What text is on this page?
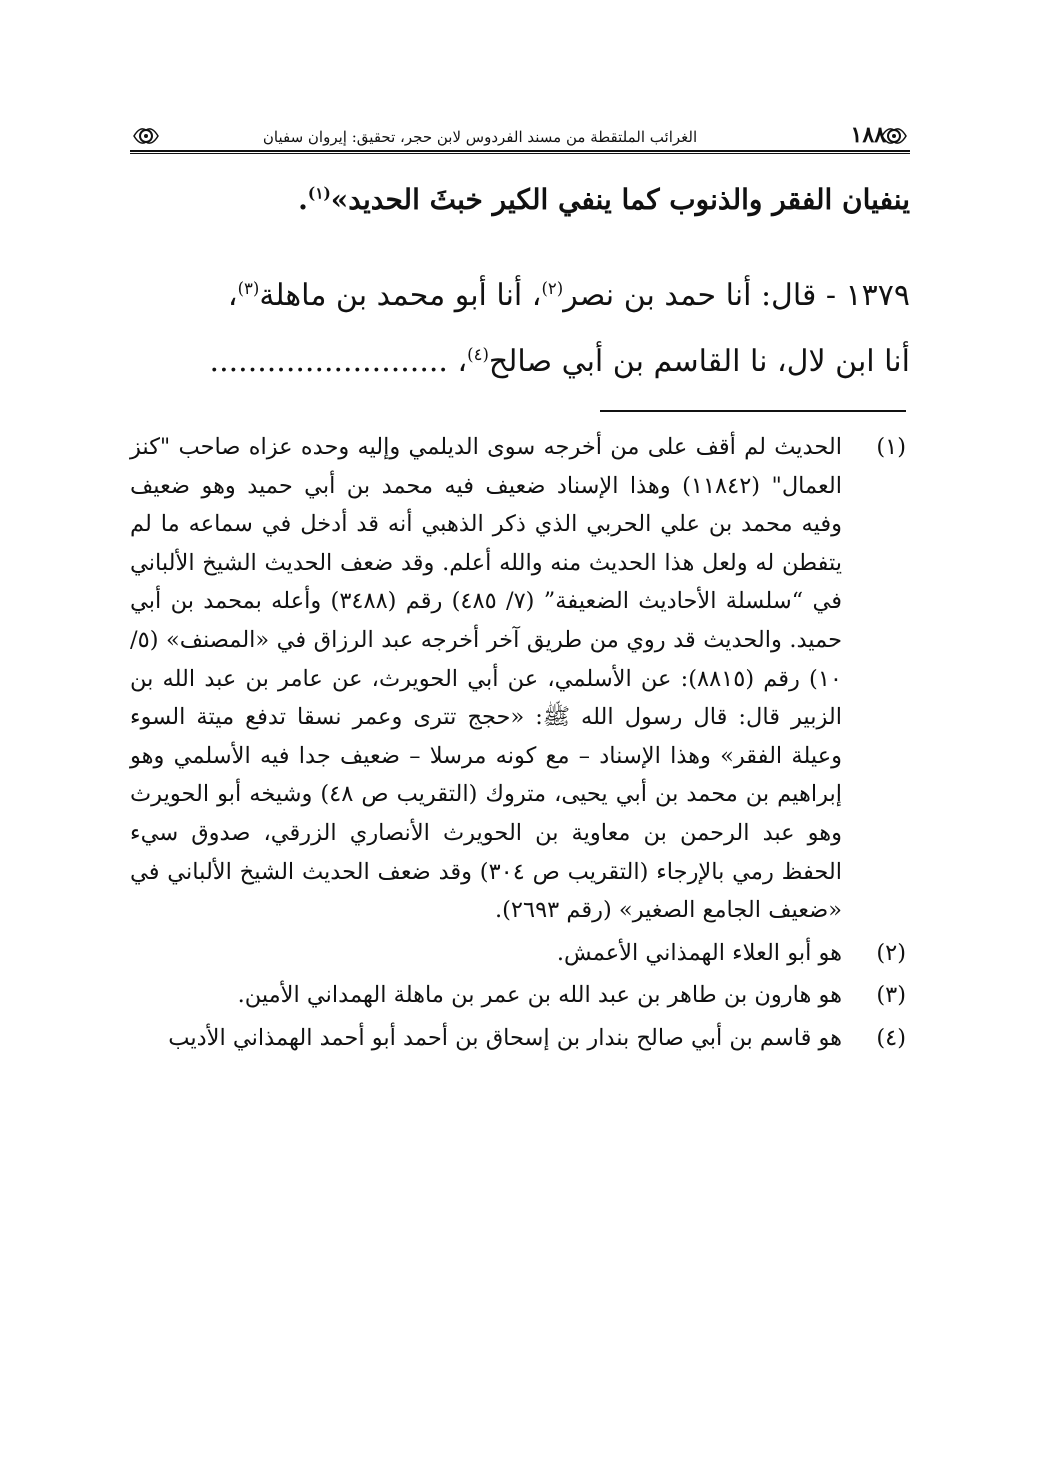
الغرائب الملتقطة من مسند الفردوس لابن حجر، تحقيق: إيروان سفيان	١٨٨
ينفيان الفقر والذنوب كما ينفي الكير خبثَ الحديد»$^{(١)}$.
١٣٧٩ - قال: أنا حمد بن نصر$^{(٢)}$، أنا أبو محمد بن ماهلة$^{(٣)}$،
أنا ابن لال، نا القاسم بن أبي صالح$^{(٤)}$، .........................
(١)
الحديث لم أقف على من أخرجه سوى الديلمي وإليه وحده عزاه صاحب "كنز العمال" (١١٨٤٢) وهذا الإسناد ضعيف فيه محمد بن أبي حميد وهو ضعيف وفيه محمد بن علي الحربي الذي ذكر الذهبي أنه قد أدخل في سماعه ما لم يتفطن له ولعل هذا الحديث منه والله أعلم. وقد ضعف الحديث الشيخ الألباني في “سلسلة الأحاديث الضعيفة” (٧/ ٤٨٥) رقم (٣٤٨٨) وأعله بمحمد بن أبي حميد. والحديث قد روي من طريق آخر أخرجه عبد الرزاق في «المصنف» (٥/ ١٠) رقم (٨٨١٥): عن الأسلمي، عن أبي الحويرث، عن عامر بن عبد الله بن الزبير قال: قال رسول الله ﷺ: «حجج تترى وعمر نسقا تدفع ميتة السوء وعيلة الفقر» وهذا الإسناد – مع كونه مرسلا – ضعيف جدا فيه الأسلمي وهو إبراهيم بن محمد بن أبي يحيى، متروك (التقريب ص ٤٨) وشيخه أبو الحويرث وهو عبد الرحمن بن معاوية بن الحويرث الأنصاري الزرقي، صدوق سيء الحفظ رمي بالإرجاء (التقريب ص ٣٠٤) وقد ضعف الحديث الشيخ الألباني في «ضعيف الجامع الصغير» (رقم ٢٦٩٣).
(٢)
هو أبو العلاء الهمذاني الأعمش.
(٣)
هو هارون بن طاهر بن عبد الله بن عمر بن ماهلة الهمداني الأمين.
(٤)
هو قاسم بن أبي صالح بندار بن إسحاق بن أحمد أبو أحمد الهمذاني الأديب
